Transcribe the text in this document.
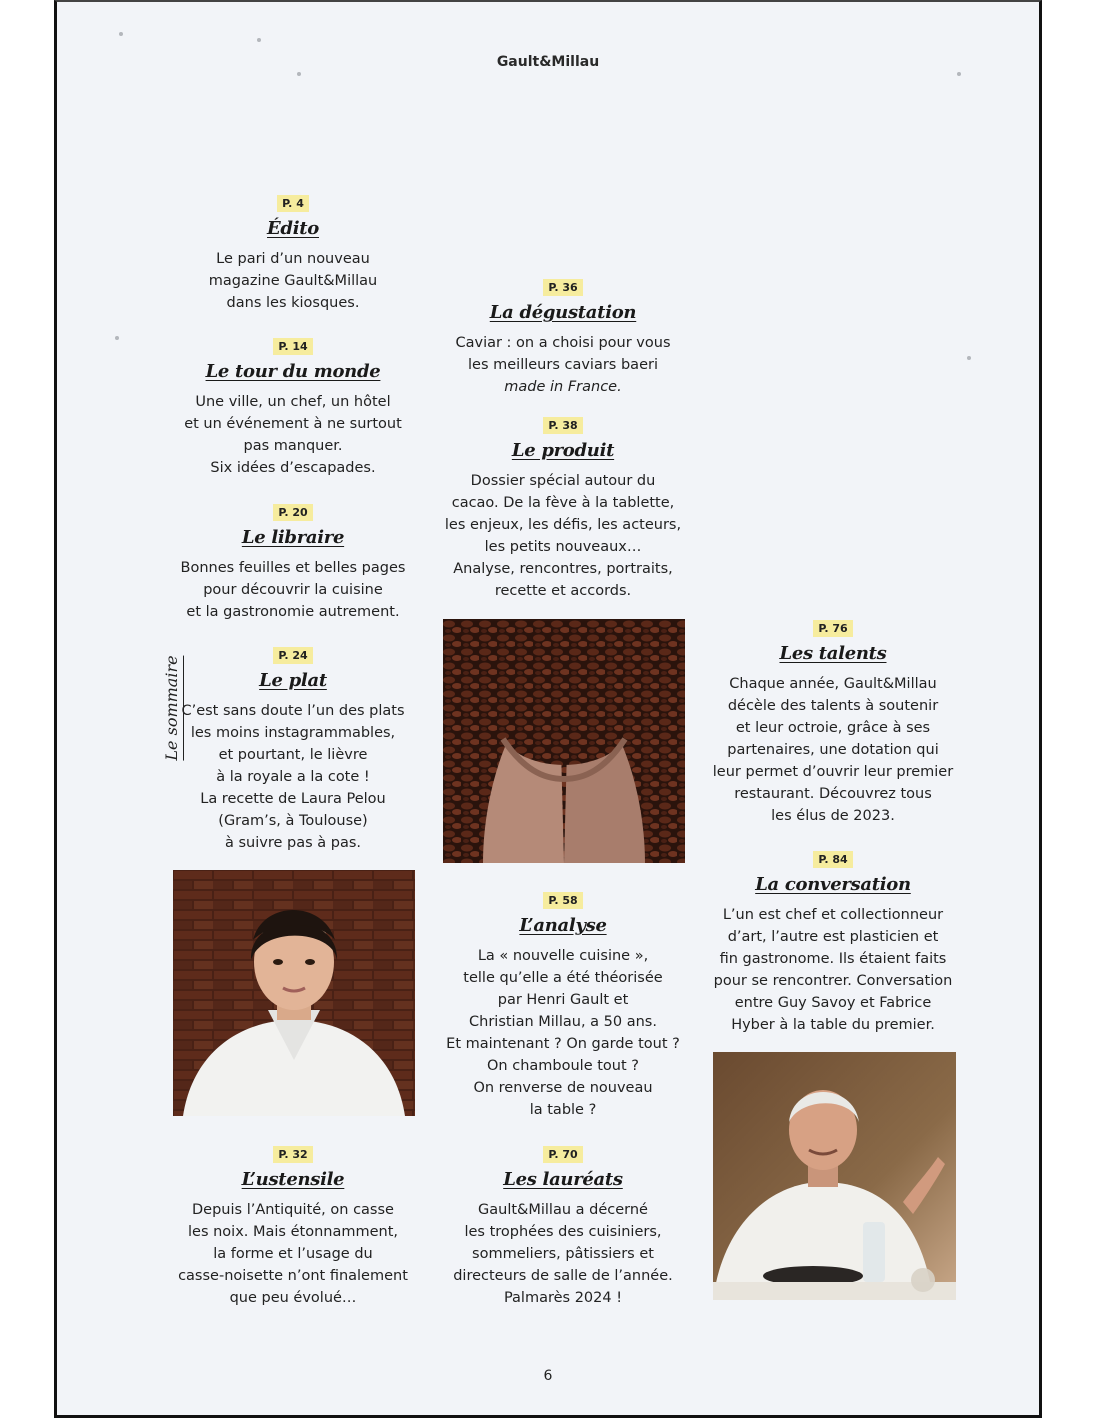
Gault&Millau
Le sommaire
P. 4
Édito
Le pari d’un nouveau
magazine Gault&Millau
dans les kiosques.
P. 14
Le tour du monde
Une ville, un chef, un hôtel
et un événement à ne surtout
pas manquer.
Six idées d’escapades.
P. 20
Le libraire
Bonnes feuilles et belles pages
pour découvrir la cuisine
et la gastronomie autrement.
P. 24
Le plat
C’est sans doute l’un des plats
les moins instagrammables,
et pourtant, le lièvre
à la royale a la cote !
La recette de Laura Pelou
(Gram’s, à Toulouse)
à suivre pas à pas.
P. 32
L’ustensile
Depuis l’Antiquité, on casse
les noix. Mais étonnamment,
la forme et l’usage du
casse-noisette n’ont finalement
que peu évolué…
P. 36
La dégustation
Caviar : on a choisi pour vous
les meilleurs caviars baeri
made in France.
P. 38
Le produit
Dossier spécial autour du
cacao. De la fève à la tablette,
les enjeux, les défis, les acteurs,
les petits nouveaux…
Analyse, rencontres, portraits,
recette et accords.
P. 58
L’analyse
La « nouvelle cuisine »,
telle qu’elle a été théorisée
par Henri Gault et
Christian Millau, a 50 ans.
Et maintenant ? On garde tout ?
On chamboule tout ?
On renverse de nouveau
la table ?
P. 70
Les lauréats
Gault&Millau a décerné
les trophées des cuisiniers,
sommeliers, pâtissiers et
directeurs de salle de l’année.
Palmarès 2024 !
P. 76
Les talents
Chaque année, Gault&Millau
décèle des talents à soutenir
et leur octroie, grâce à ses
partenaires, une dotation qui
leur permet d’ouvrir leur premier
restaurant. Découvrez tous
les élus de 2023.
P. 84
La conversation
L’un est chef et collectionneur
d’art, l’autre est plasticien et
fin gastronome. Ils étaient faits
pour se rencontrer. Conversation
entre Guy Savoy et Fabrice
Hyber à la table du premier.
6
